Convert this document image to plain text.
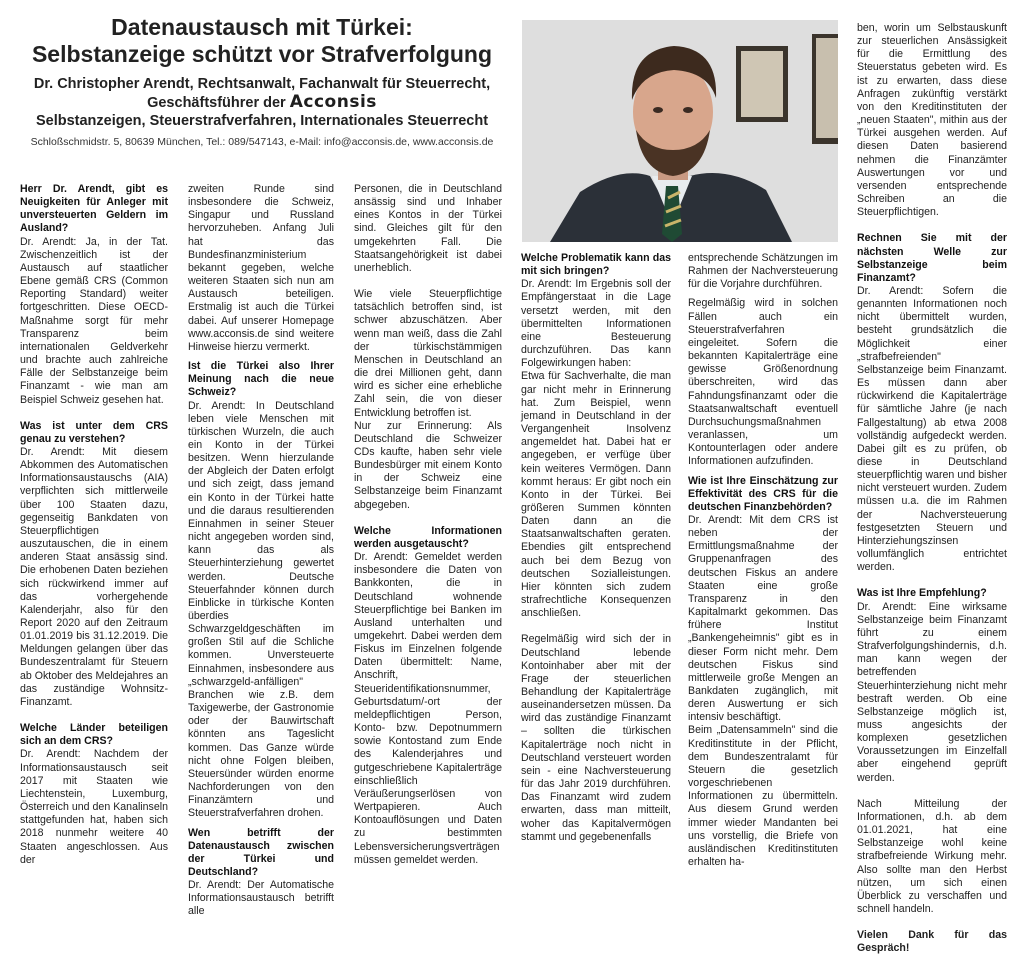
Datenaustausch mit Türkei:
Selbstanzeige schützt vor Strafverfolgung
Dr. Christopher Arendt, Rechtsanwalt, Fachanwalt für Steuerrecht,
Geschäftsführer der Acconsis
Selbstanzeigen, Steuerstrafverfahren, Internationales Steuerrecht
Schloßschmidstr. 5, 80639 München, Tel.: 089/547143, e-Mail: info@acconsis.de, www.acconsis.de

Herr Dr. Arendt, gibt es Neuigkeiten für Anleger mit unversteuerten Geldern im Ausland?

Dr. Arendt: Ja, in der Tat. Zwischenzeitlich ist der Austausch auf staatlicher Ebene gemäß CRS (Common Reporting Standard) weiter fortgeschritten. Diese OECD-Maßnahme sorgt für mehr Transparenz beim internationalen Geldverkehr und brachte auch zahlreiche Fälle der Selbstanzeige beim Finanzamt - wie man am Beispiel Schweiz gesehen hat.

Was ist unter dem CRS genau zu verstehen?

Dr. Arendt: Mit diesem Abkommen des Automatischen Informationsaustauschs (AIA) verpflichten sich mittlerweile über 100 Staaten dazu, gegenseitig Bankdaten von Steuerpflichtigen auszutauschen, die in einem anderen Staat ansässig sind. Die erhobenen Daten beziehen sich rückwirkend immer auf das vorhergehende Kalenderjahr, also für den Report 2020 auf den Zeitraum 01.01.2019 bis 31.12.2019. Die Meldungen gelangen über das Bundeszentralamt für Steuern ab Oktober des Meldejahres an das zuständige Wohnsitz-Finanzamt.

Welche Länder beteiligen sich an dem CRS?

Dr. Arendt: Nachdem der Informationsaustausch seit 2017 mit Staaten wie Liechtenstein, Luxemburg, Österreich und den Kanalinseln stattgefunden hat, haben sich 2018 nunmehr weitere 40 Staaten angeschlossen. Aus der

zweiten Runde sind insbesondere die Schweiz, Singapur und Russland hervorzuheben. Anfang Juli hat das Bundesfinanzministerium bekannt gegeben, welche weiteren Staaten sich nun am Austausch beteiligen. Erstmalig ist auch die Türkei dabei. Auf unserer Homepage www.acconsis.de sind weitere Hinweise hierzu vermerkt.

Ist die Türkei also Ihrer Meinung nach die neue Schweiz?

Dr. Arendt: In Deutschland leben viele Menschen mit türkischen Wurzeln, die auch ein Konto in der Türkei besitzen. Wenn hierzulande der Abgleich der Daten erfolgt und sich zeigt, dass jemand ein Konto in der Türkei hatte und die daraus resultierenden Einnahmen in seiner Steuer nicht angegeben worden sind, kann das als Steuerhinterziehung gewertet werden. Deutsche Steuerfahnder können durch Einblicke in türkische Konten überdies Schwarzgeldgeschäften im großen Stil auf die Schliche kommen. Unversteuerte Einnahmen, insbesondere aus „schwarzgeld-anfälligen" Branchen wie z.B. dem Taxigewerbe, der Gastronomie oder der Bauwirtschaft könnten ans Tageslicht kommen. Das Ganze würde nicht ohne Folgen bleiben, Steuersünder würden enorme Nachforderungen von den Finanzämtern und Steuerstrafverfahren drohen.

Wen betrifft der Datenaustausch zwischen der Türkei und Deutschland?

Dr. Arendt: Der Automatische Informationsaustausch betrifft alle

Personen, die in Deutschland ansässig sind und Inhaber eines Kontos in der Türkei sind. Gleiches gilt für den umgekehrten Fall. Die Staatsangehörigkeit ist dabei unerheblich.

Wie viele Steuerpflichtige tatsächlich betroffen sind, ist schwer abzuschätzen. Aber wenn man weiß, dass die Zahl der türkischstämmigen Menschen in Deutschland an die drei Millionen geht, dann wird es sicher eine erhebliche Zahl sein, die von dieser Entwicklung betroffen ist.

Nur zur Erinnerung: Als Deutschland die Schweizer CDs kaufte, haben sehr viele Bundesbürger mit einem Konto in der Schweiz eine Selbstanzeige beim Finanzamt abgegeben.

Welche Informationen werden ausgetauscht?

Dr. Arendt: Gemeldet werden insbesondere die Daten von Bankkonten, die in Deutschland wohnende Steuerpflichtige bei Banken im Ausland unterhalten und umgekehrt. Dabei werden dem Fiskus im Einzelnen folgende Daten übermittelt: Name, Anschrift, Steueridentifikationsnummer, Geburtsdatum/-ort der meldepflichtigen Person, Konto- bzw. Depotnummern sowie Kontostand zum Ende des Kalenderjahres und gutgeschriebene Kapitalerträge einschließlich Veräußerungserlösen von Wertpapieren. Auch Kontoauflösungen und Daten zu bestimmten Lebensversicherungsverträgen müssen gemeldet werden.

Welche Problematik kann das mit sich bringen?

Dr. Arendt: Im Ergebnis soll der Empfängerstaat in die Lage versetzt werden, mit den übermittelten Informationen eine Besteuerung durchzuführen. Das kann Folgewirkungen haben:

Etwa für Sachverhalte, die man gar nicht mehr in Erinnerung hat. Zum Beispiel, wenn jemand in Deutschland in der Vergangenheit Insolvenz angemeldet hat. Dabei hat er angegeben, er verfüge über kein weiteres Vermögen. Dann kommt heraus: Er gibt noch ein Konto in der Türkei. Bei größeren Summen könnten Daten dann an die Staatsanwaltschaften geraten. Ebendies gilt entsprechend auch bei dem Bezug von deutschen Sozialleistungen. Hier könnten sich zudem strafrechtliche Konsequenzen anschließen.

Regelmäßig wird sich der in Deutschland lebende Kontoinhaber aber mit der Frage der steuerlichen Behandlung der Kapitalerträge auseinandersetzen müssen. Da wird das zuständige Finanzamt – sollten die türkischen Kapitalerträge noch nicht in Deutschland versteuert worden sein - eine Nachversteuerung für das Jahr 2019 durchführen. Das Finanzamt wird zudem erwarten, dass man mitteilt, woher das Kapitalvermögen stammt und gegebenenfalls

entsprechende Schätzungen im Rahmen der Nachversteuerung für die Vorjahre durchführen.

Regelmäßig wird in solchen Fällen auch ein Steuerstrafverfahren eingeleitet. Sofern die bekannten Kapitalerträge eine gewisse Größenordnung überschreiten, wird das Fahndungsfinanzamt oder die Staatsanwaltschaft eventuell Durchsuchungsmaßnahmen veranlassen, um Kontounterlagen oder andere Informationen aufzufinden.

Wie ist Ihre Einschätzung zur Effektivität des CRS für die deutschen Finanzbehörden?

Dr. Arendt: Mit dem CRS ist neben der Ermittlungsmaßnahme der Gruppenanfragen des deutschen Fiskus an andere Staaten eine große Transparenz in den Kapitalmarkt gekommen. Das frühere Institut „Bankengeheimnis" gibt es in dieser Form nicht mehr. Dem deutschen Fiskus sind mittlerweile große Mengen an Bankdaten zugänglich, mit deren Auswertung er sich intensiv beschäftigt.

Beim „Datensammeln" sind die Kreditinstitute in der Pflicht, dem Bundeszentralamt für Steuern die gesetzlich vorgeschriebenen Informationen zu übermitteln. Aus diesem Grund werden immer wieder Mandanten bei uns vorstellig, die Briefe von ausländischen Kreditinstituten erhalten ha-

ben, worin um Selbstauskunft zur steuerlichen Ansässigkeit für die Ermittlung des Steuerstatus gebeten wird. Es ist zu erwarten, dass diese Anfragen zukünftig verstärkt von den Kreditinstituten der „neuen Staaten", mithin aus der Türkei ausgehen werden. Auf diesen Daten basierend nehmen die Finanzämter Auswertungen vor und versenden entsprechende Schreiben an die Steuerpflichtigen.

Rechnen Sie mit der nächsten Welle zur Selbstanzeige beim Finanzamt?

Dr. Arendt: Sofern die genannten Informationen noch nicht übermittelt wurden, besteht grundsätzlich die Möglichkeit einer „strafbefreienden" Selbstanzeige beim Finanzamt. Es müssen dann aber rückwirkend die Kapitalerträge für sämtliche Jahre (je nach Fallgestaltung) ab etwa 2008 vollständig aufgedeckt werden. Dabei gilt es zu prüfen, ob diese in Deutschland steuerpflichtig waren und bisher nicht versteuert wurden. Zudem müssen u.a. die im Rahmen der Nachversteuerung festgesetzten Steuern und Hinterziehungszinsen vollumfänglich entrichtet werden.

Was ist Ihre Empfehlung?

Dr. Arendt: Eine wirksame Selbstanzeige beim Finanzamt führt zu einem Strafverfolgungshindernis, d.h. man kann wegen der betreffenden Steuerhinterziehung nicht mehr bestraft werden. Ob eine Selbstanzeige möglich ist, muss angesichts der komplexen gesetzlichen Voraussetzungen im Einzelfall aber eingehend geprüft werden.

Nach Mitteilung der Informationen, d.h. ab dem 01.01.2021, hat eine Selbstanzeige wohl keine strafbefreiende Wirkung mehr. Also sollte man den Herbst nützen, um sich einen Überblick zu verschaffen und schnell handeln.

Vielen Dank für das Gespräch!
